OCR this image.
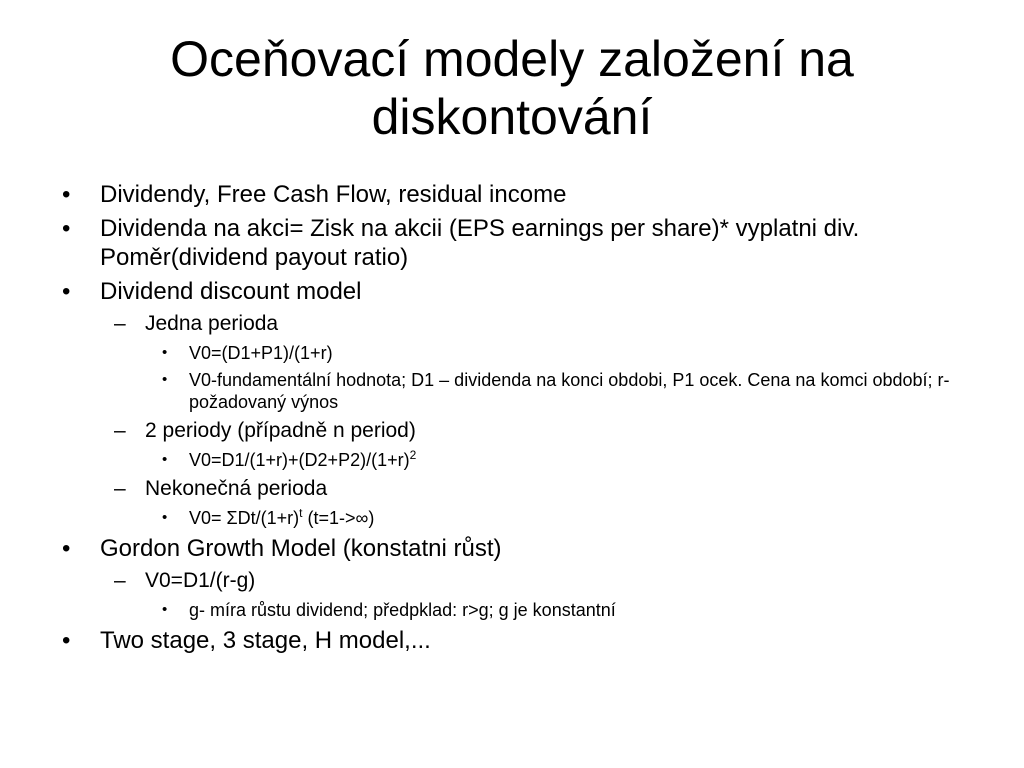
Oceňovací modely založení na
diskontování
• Dividendy, Free Cash Flow, residual income
• Dividenda na akci= Zisk na akcii (EPS earnings per share)* vyplatni div. Poměr(dividend payout ratio)
• Dividend discount model
– Jedna perioda
• V0=(D1+P1)/(1+r)
• V0-fundamentální hodnota; D1 – dividenda na konci obdobi, P1 ocek. Cena na komci období; r- požadovaný výnos
– 2 periody (případně n period)
• $V0=D1/(1+r)+(D2+P2)/(1+r)^2$
– Nekonečná perioda
• V0= ΣDt/$(1+r)^t$ (t=1->∞)
• Gordon Growth Model (konstatni růst)
– V0=D1/(r-g)
• g- míra růstu dividend; předpklad: r>g; g je konstantní
• Two stage, 3 stage, H model,...
